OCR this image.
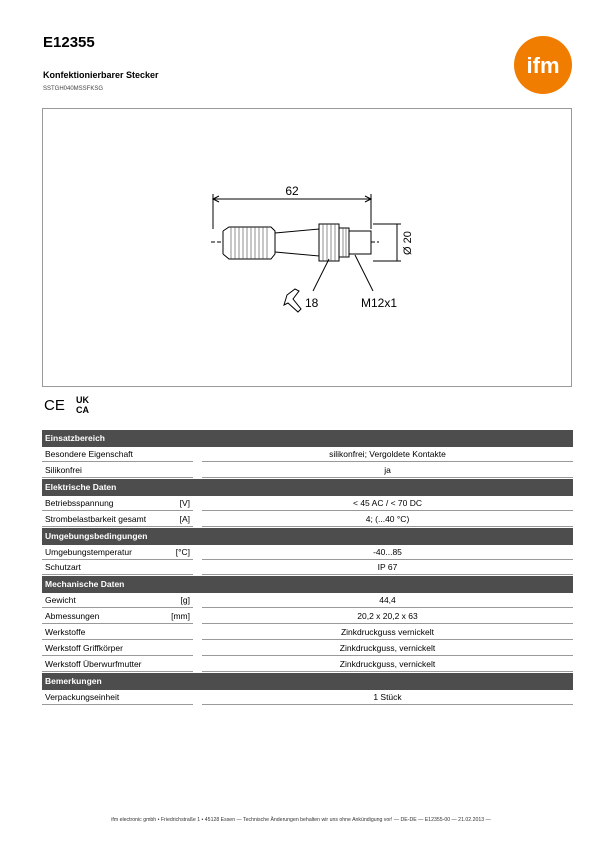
E12355
Konfektionierbarer Stecker
SSTGH040MSSFKSG
ifm
62
Ø 20
18	M12x1
CE UK
CA
Einsatzbereich
Besondere Eigenschaft	silikonfrei; Vergoldete Kontakte
Silikonfrei	ja
Elektrische Daten
Betriebsspannung	[V]	< 45 AC / < 70 DC
Strombelastbarkeit gesamt	[A]	4; (...40 °C)
Umgebungsbedingungen
Umgebungstemperatur	[°C]	-40...85
Schutzart	IP 67
Mechanische Daten
Gewicht	[g]	44,4
Abmessungen	[mm]	20,2 x 20,2 x 63
Werkstoffe	Zinkdruckguss vernickelt
Werkstoff Griffkörper	Zinkdruckguss, vernickelt
Werkstoff Überwurfmutter	Zinkdruckguss, vernickelt
Bemerkungen
Verpackungseinheit	1 Stück
ifm electronic gmbh • Friedrichstraße 1 • 45128 Essen — Technische Änderungen behalten wir uns ohne Ankündigung vor! — DE-DE — E12355-00 — 21.02.2013 —
